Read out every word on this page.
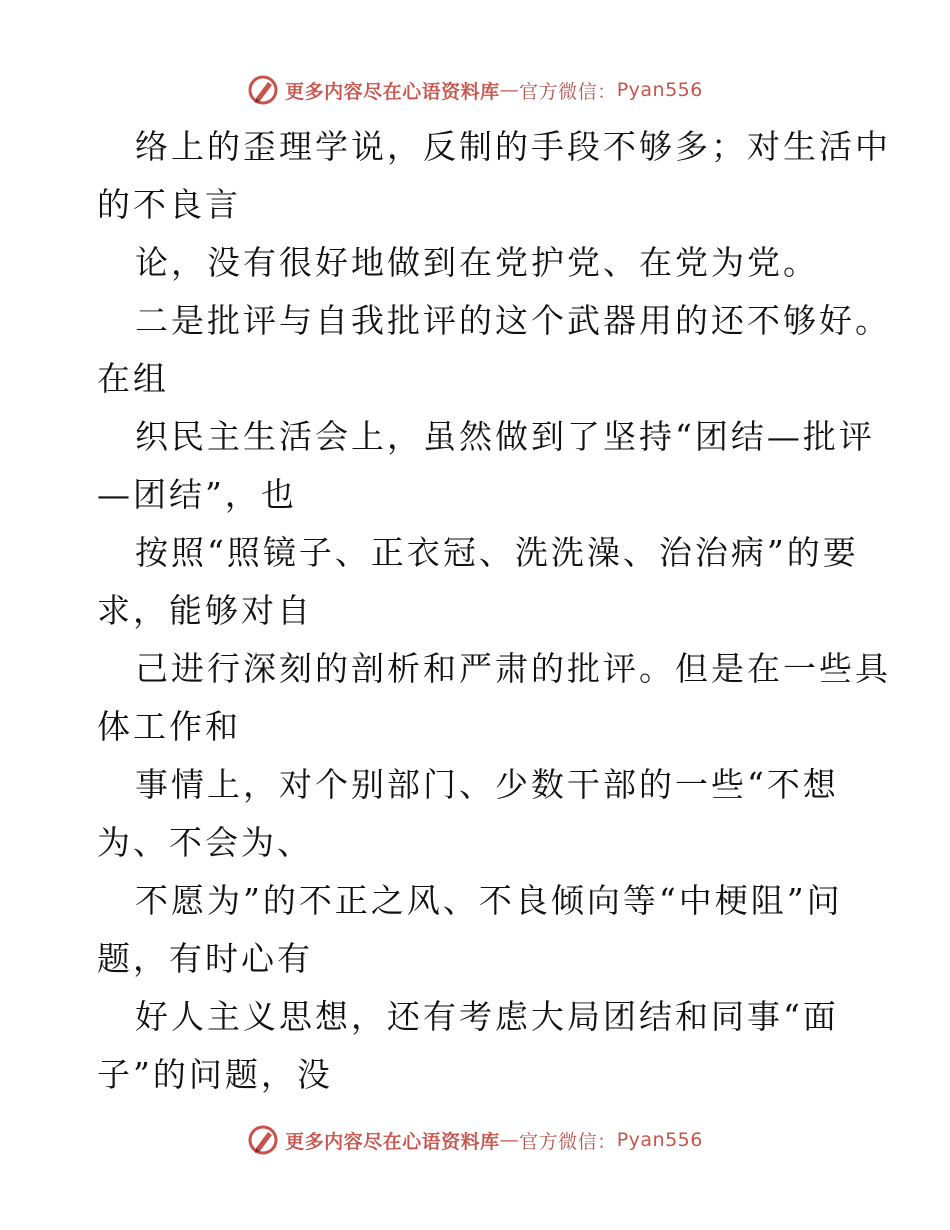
更多内容尽在心语资料库 — 官方微信： Pyan556
络上的歪理学说，反制的手段不够多；对生活中
的不良言
论，没有很好地做到在党护党、在党为党。
二是批评与自我批评的这个武器用的还不够好。
在组
织民主生活会上，虽然做到了坚持“团结—批评
—团结”，也
按照“照镜子、正衣冠、洗洗澡、治治病”的要
求，能够对自
己进行深刻的剖析和严肃的批评。但是在一些具
体工作和
事情上，对个别部门、少数干部的一些“不想
为、不会为、
不愿为”的不正之风、不良倾向等“中梗阻”问
题，有时心有
好人主义思想，还有考虑大局团结和同事“面
子”的问题，没
更多内容尽在心语资料库 — 官方微信： Pyan556
